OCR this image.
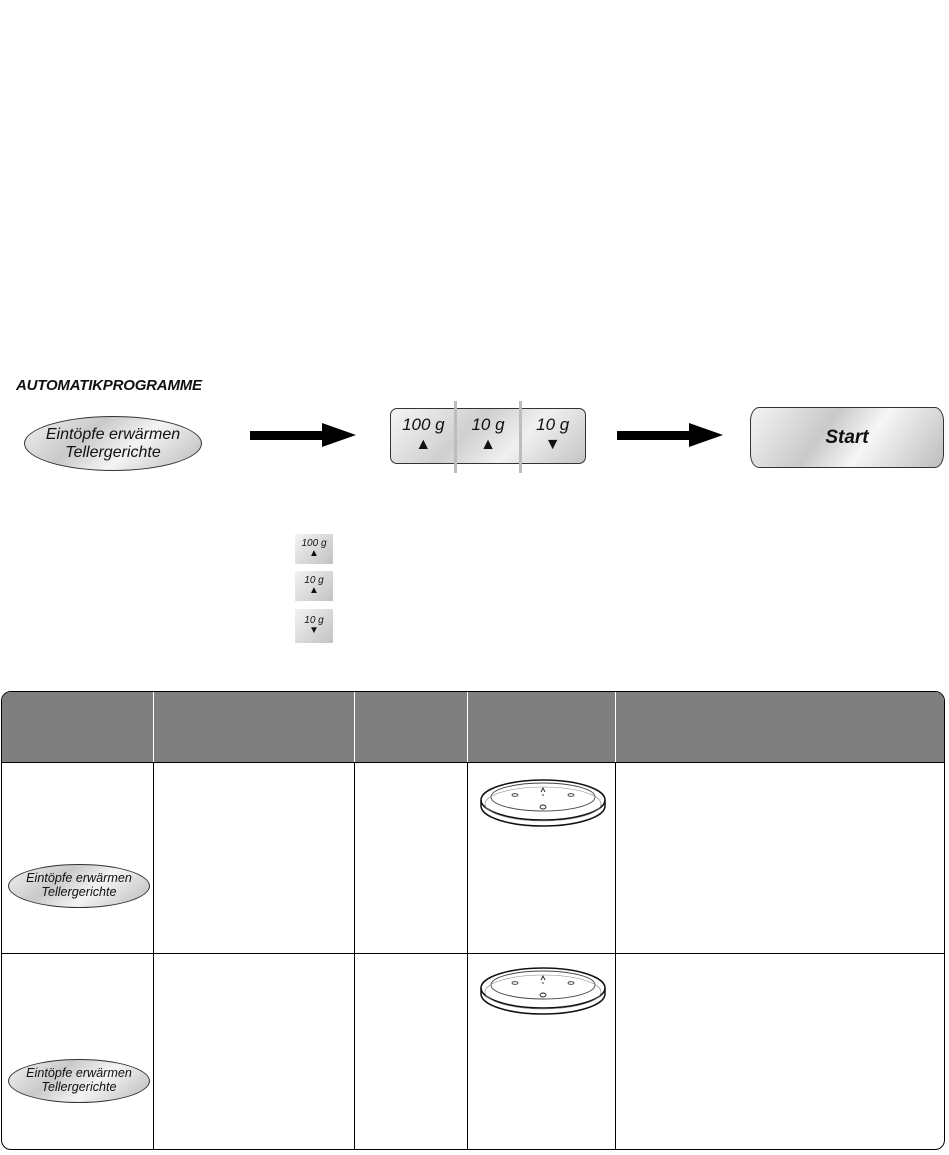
AUTOMATIKPROGRAMME
Eintöpfe erwärmen
Tellergerichte
100 g
▲
10 g
▲
10 g
▼	Start
100 g
▲
10 g
▲
10 g
▼
Eintöpfe erwärmen
Tellergerichte
Eintöpfe erwärmen
Tellergerichte
